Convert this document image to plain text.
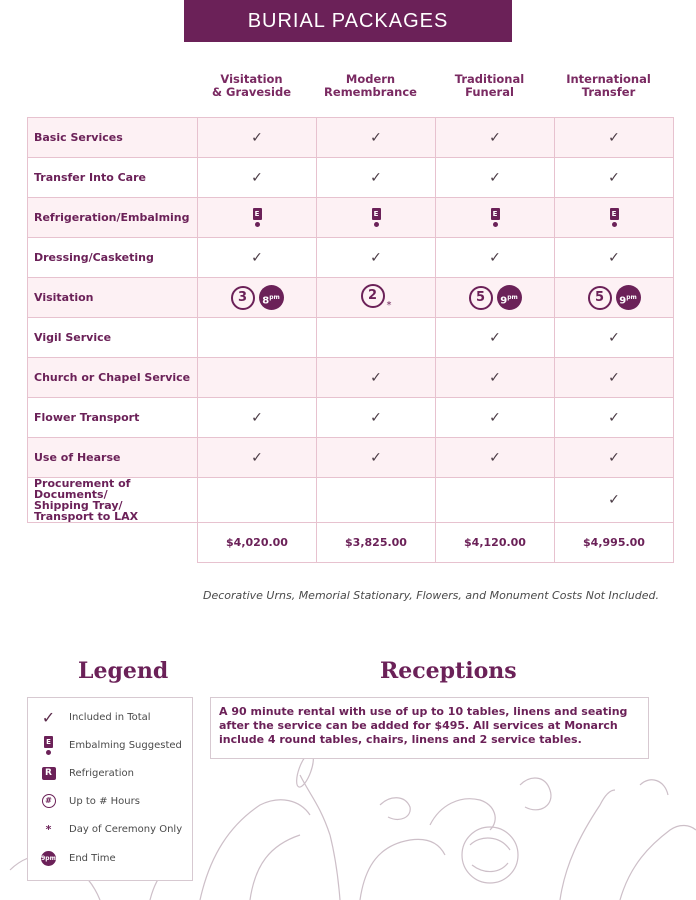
BURIAL PACKAGES
Visitation
& Graveside
Modern
Remembrance
Traditional
Funeral
International
Transfer
Basic Services	✓	✓	✓	✓
Transfer Into Care	✓	✓	✓	✓
Refrigeration/Embalming	E	E	E	E

Dressing/Casketing	✓	✓	✓	✓
Visitation	3 $8^{pm}$	2*	5 $9^{pm}$	5 $9^{pm}$
Vigil Service			✓	✓
Church or Chapel Service		✓	✓	✓
Flower Transport	✓	✓	✓	✓
Use of Hearse	✓	✓	✓	✓

Procurement of Documents/
Shipping Tray/
Transport to LAX				✓
	$4,020.00	$3,825.00	$4,120.00	$4,995.00
Decorative Urns, Memorial Stationary, Flowers, and Monument Costs Not Included.
Legend	Receptions
✓ Included in Total
E Embalming Suggested
R	Refrigeration
#	Up to # Hours
* Day of Ceremony Only
9pm End Time
A 90 minute rental with use of up to 10 tables, linens and seating after the service can be added for $495. All services at Monarch include 4 round tables, chairs, linens and 2 service tables.
